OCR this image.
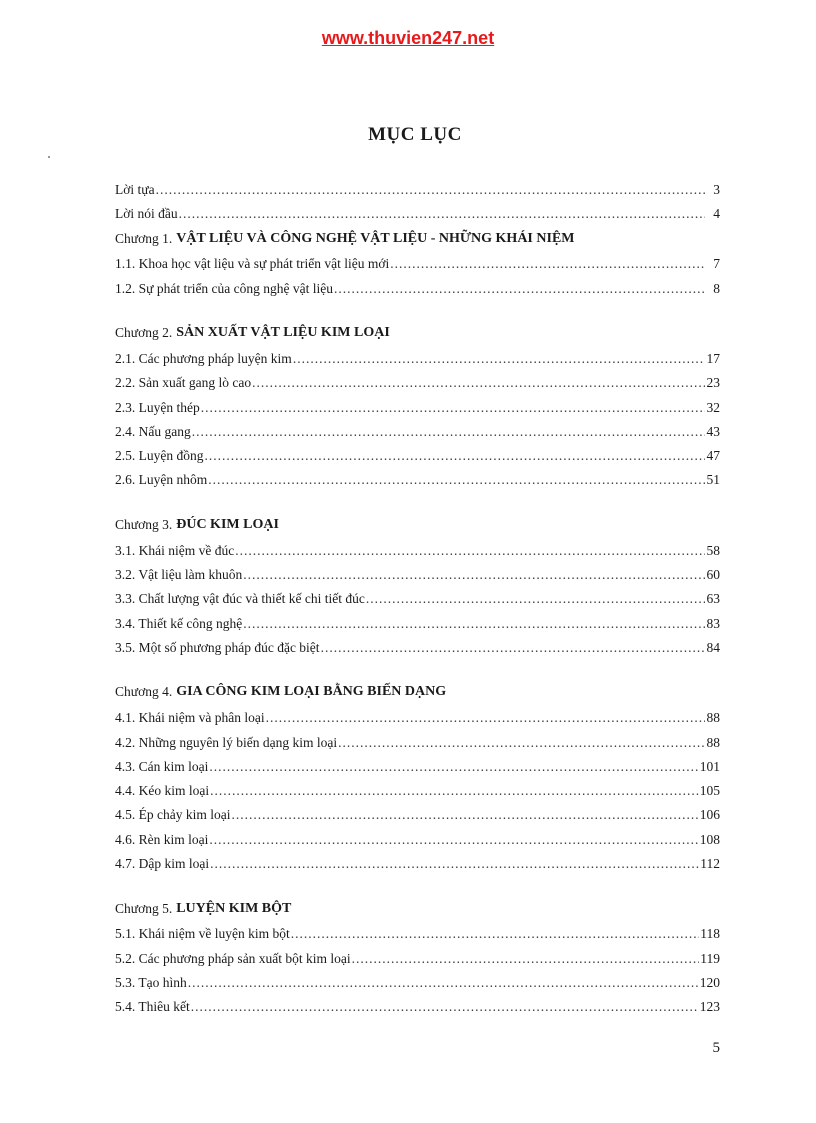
www.thuvien247.net
MỤC LỤC
Lời tựa .....	3
Lời nói đầu .....	4
Chương 1. VẬT LIỆU VÀ CÔNG NGHỆ VẬT LIỆU - NHỮNG KHÁI NIỆM
1.1. Khoa học vật liệu và sự phát triển vật liệu mới .....	7
1.2. Sự phát triển của công nghệ vật liệu .....	8
Chương 2. SẢN XUẤT VẬT LIỆU KIM LOẠI
2.1. Các phương pháp luyện kim .....	17
2.2. Sản xuất gang lò cao .....	23
2.3. Luyện thép .....	32
2.4. Nấu gang .....	43
2.5. Luyện đồng .....	47
2.6. Luyện nhôm .....	51
Chương 3. ĐÚC KIM LOẠI
3.1. Khái niệm về đúc .....	58
3.2. Vật liệu làm khuôn .....	60
3.3. Chất lượng vật đúc và thiết kế chi tiết đúc .....	63
3.4. Thiết kế công nghệ .....	83
3.5. Một số phương pháp đúc đặc biệt .....	84
Chương 4. GIA CÔNG KIM LOẠI BẰNG BIẾN DẠNG
4.1. Khái niệm và phân loại .....	88
4.2. Những nguyên lý biến dạng kim loại .....	88
4.3. Cán kim loại .....	101
4.4. Kéo kim loại .....	105
4.5. Ép chảy kim loại .....	106
4.6. Rèn kim loại .....	108
4.7. Dập kim loại .....	112
Chương 5. LUYỆN KIM BỘT
5.1. Khái niệm về luyện kim bột .....	118
5.2. Các phương pháp sản xuất bột kim loại .....	119
5.3. Tạo hình .....	120
5.4. Thiêu kết .....	123
5
